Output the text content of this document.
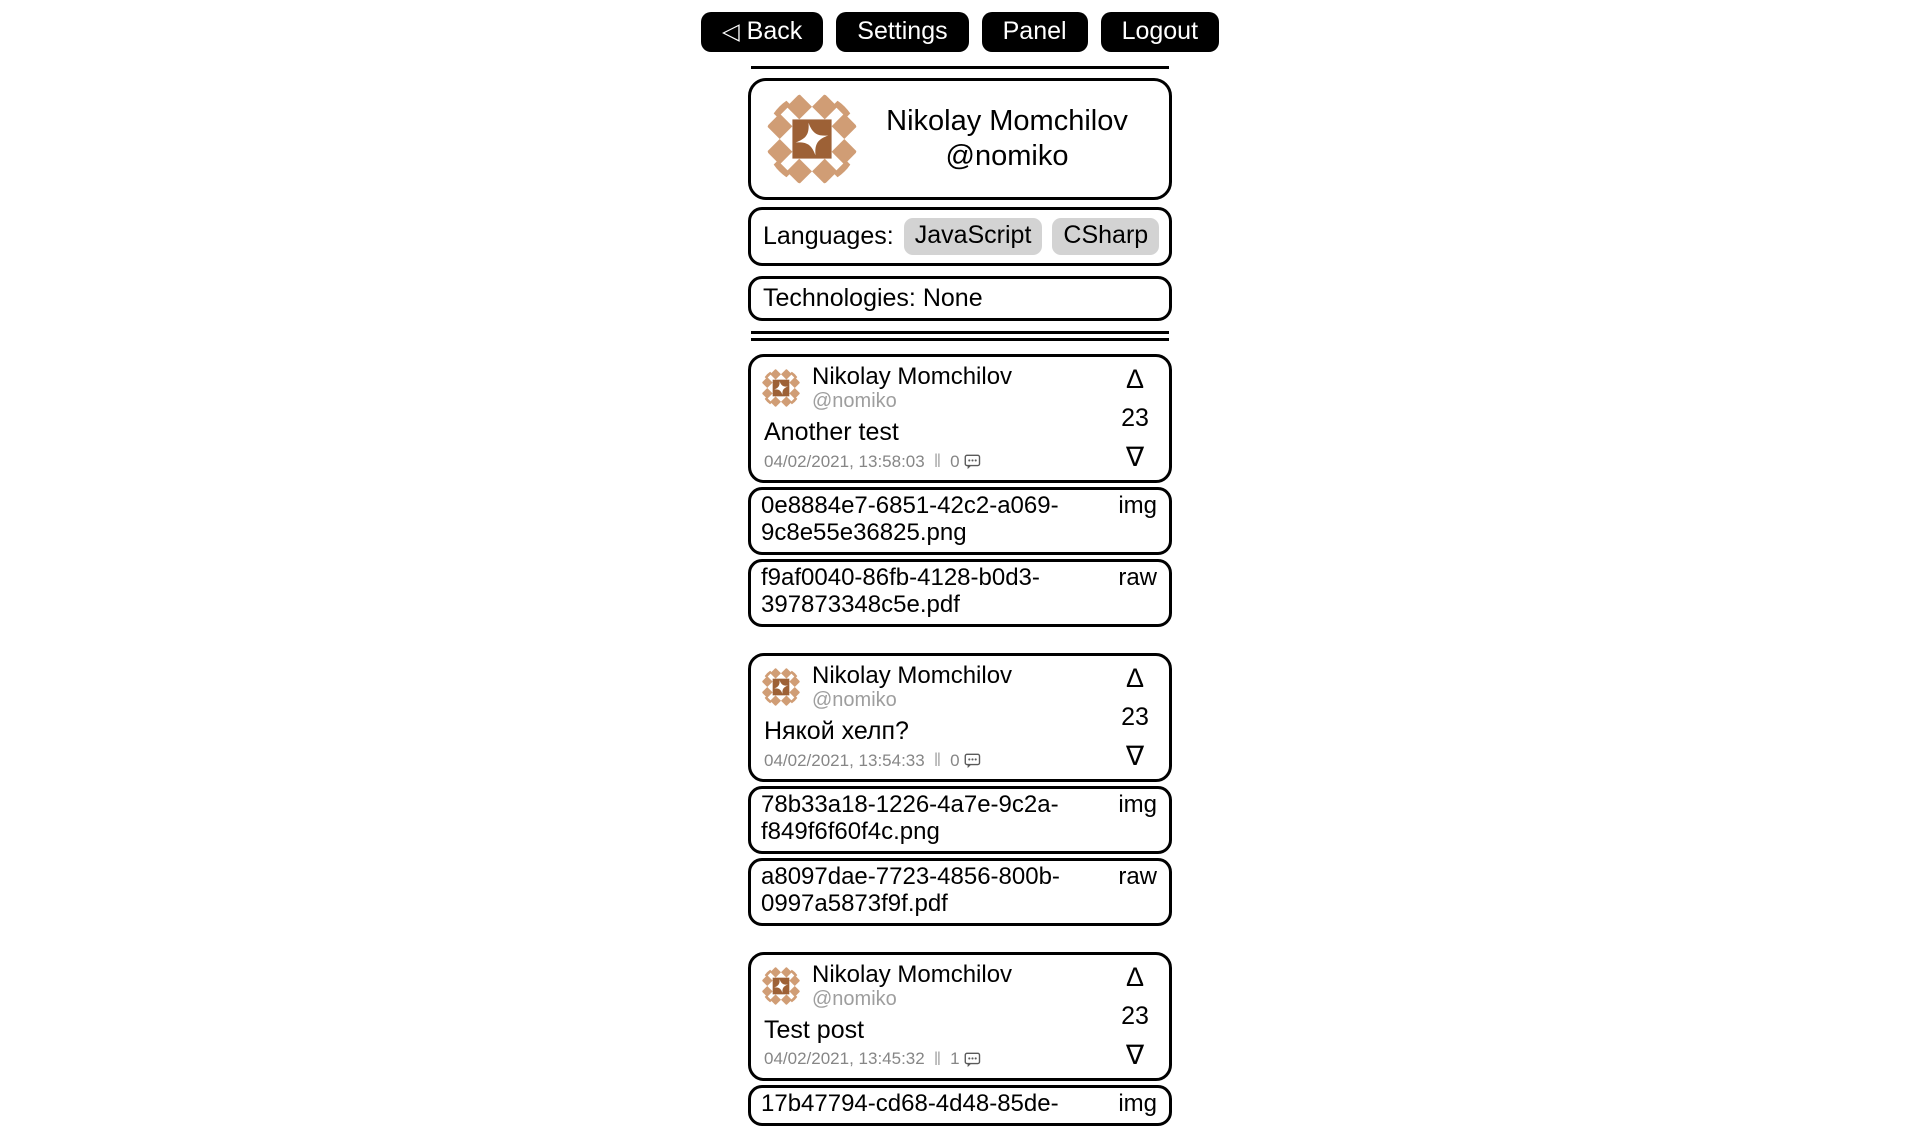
◁ Back Settings Panel Logout
Nikolay Momchilov
@nomiko
Languages: JavaScript	CSharp
Technologies: None
Nikolay Momchilov
@nomiko
Another test
04/02/2021, 13:58:03 ‖ 0
Δ
23
∇
0e8884e7-6851-42c2-a069-9c8e55e36825.png
img
f9af0040-86fb-4128-b0d3-397873348c5e.pdf
raw
Nikolay Momchilov
@nomiko
Някой хелп?
04/02/2021, 13:54:33 ‖ 0
Δ
23
∇
78b33a18-1226-4a7e-9c2a-f849f6f60f4c.png
img
a8097dae-7723-4856-800b-0997a5873f9f.pdf
raw
Nikolay Momchilov
@nomiko
Test post
04/02/2021, 13:45:32 ‖ 1
Δ
23
∇
17b47794-cd68-4d48-85de-	img
